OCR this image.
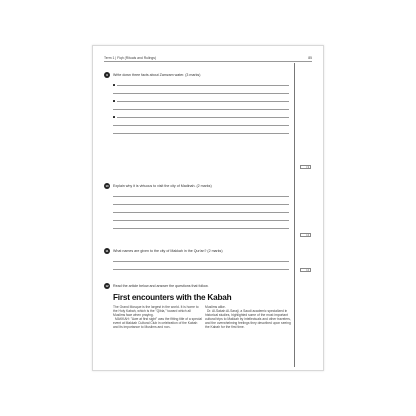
Term 1 | Fiqh (Rituals and Rulings)	85
9	Write down three facts about Zamzam water. (3 marks)
/ 3
10	Explain why it is virtuous to visit the city of Madinah. (2 marks)
/ 2
11	What names are given to the city of Makkah in the Qur'an? (2 marks)
/ 2
12	Read the article below and answer the questions that follow.
First encounters with the Kabah

The Grand Mosque is the largest in the world. It is home to the Holy Kabah, which is the "Qibla," toward which all Muslims face when praying.

MAKKAH: "Awe at first sight" was the fitting title of a special event at Makkah Cultural Club in celebration of the Kabah and its importance to Muslims and non-

Muslims alike.

Dr. Al-Sakah Al-Saraji, a Saudi academic specialized in historical studies, highlighted some of the most important cultural trips to Makkah by intellectuals and other travelers, and the overwhelming feelings they described upon seeing the Kabah for the first time.
